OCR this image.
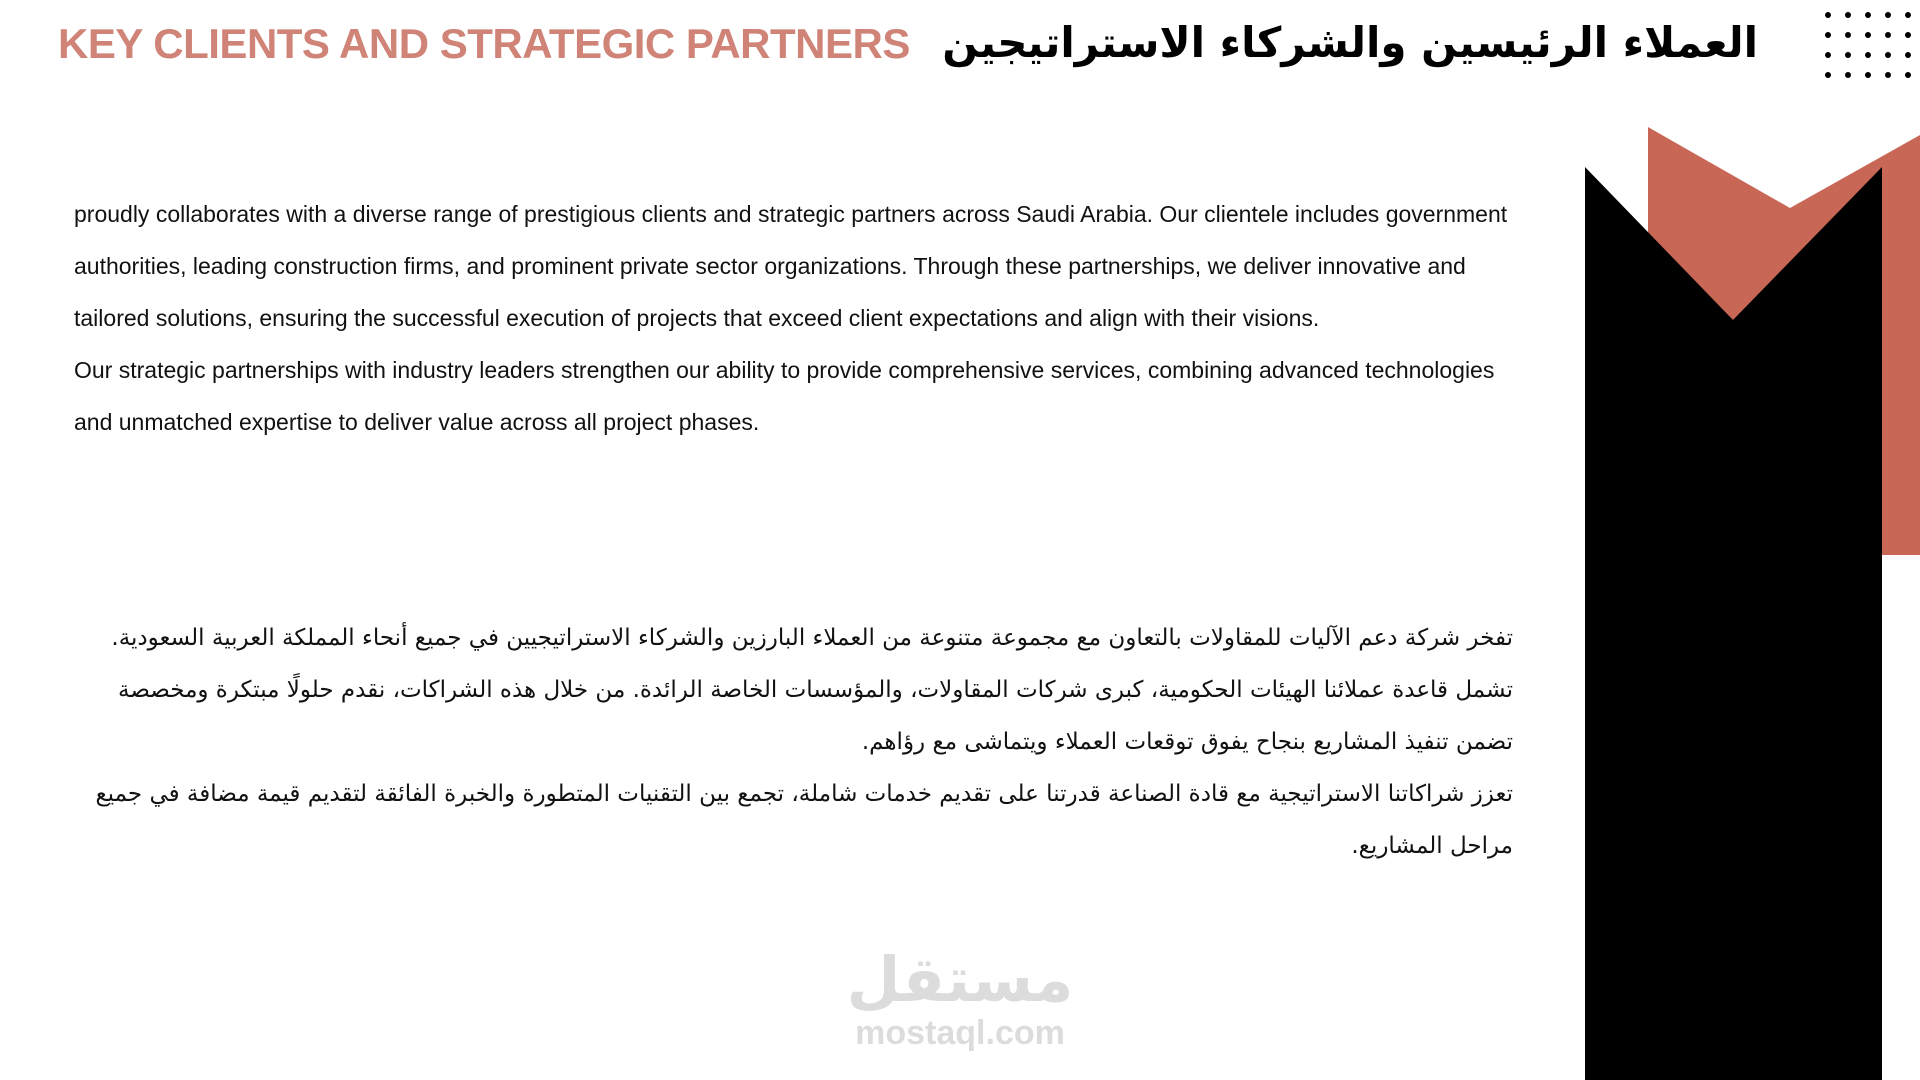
KEY CLIENTS AND STRATEGIC PARTNERS العملاء الرئيسين والشركاء الاستراتيجين

proudly collaborates with a diverse range of prestigious clients and strategic partners across Saudi Arabia. Our clientele includes government authorities, leading construction firms, and prominent private sector organizations. Through these partnerships, we deliver innovative and tailored solutions, ensuring the successful execution of projects that exceed client expectations and align with their visions.

Our strategic partnerships with industry leaders strengthen our ability to provide comprehensive services, combining advanced technologies and unmatched expertise to deliver value across all project phases.

تفخر شركة دعم الآليات للمقاولات بالتعاون مع مجموعة متنوعة من العملاء البارزين والشركاء الاستراتيجيين في جميع أنحاء المملكة العربية السعودية. تشمل قاعدة عملائنا الهيئات الحكومية، كبرى شركات المقاولات، والمؤسسات الخاصة الرائدة. من خلال هذه الشراكات، نقدم حلولًا مبتكرة ومخصصة تضمن تنفيذ المشاريع بنجاح يفوق توقعات العملاء ويتماشى مع رؤاهم.

تعزز شراكاتنا الاستراتيجية مع قادة الصناعة قدرتنا على تقديم خدمات شاملة، تجمع بين التقنيات المتطورة والخبرة الفائقة لتقديم قيمة مضافة في جميع مراحل المشاريع.

مستقل
mostaql.com
